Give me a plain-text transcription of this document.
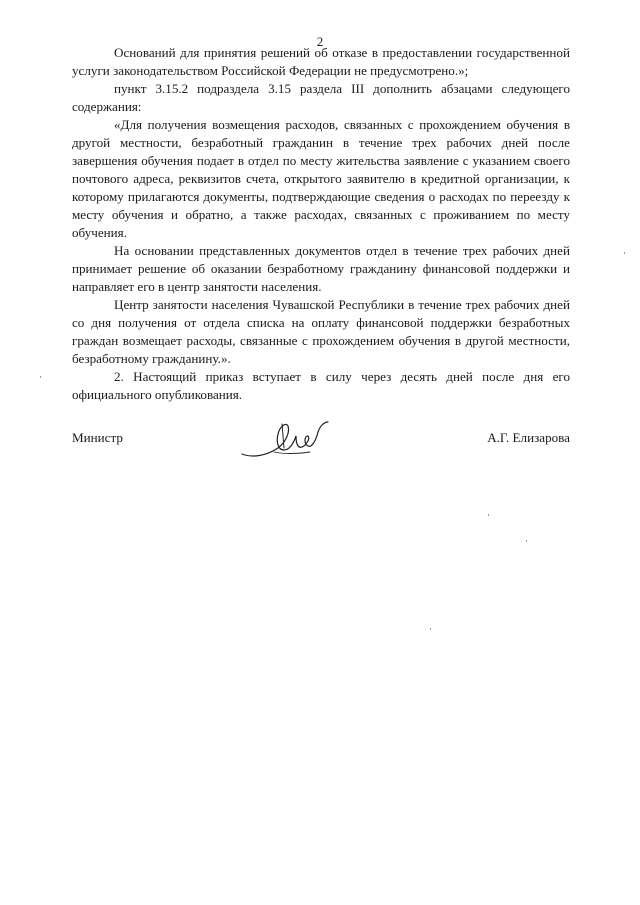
2

Оснований для принятия решений об отказе в предоставлении государственной услуги законодательством Российской Федерации не предусмотрено.»;

пункт 3.15.2 подраздела 3.15 раздела III дополнить абзацами следующего содержания:

«Для получения возмещения расходов, связанных с прохождением обучения в другой местности, безработный гражданин в течение трех рабочих дней после завершения обучения подает в отдел по месту жительства заявление с указанием своего почтового адреса, реквизитов счета, открытого заявителю в кредитной организации, к которому прилагаются документы, подтверждающие сведения о расходах по переезду к месту обучения и обратно, а также расходах, связанных с проживанием по месту обучения.

На основании представленных документов отдел в течение трех рабочих дней принимает решение об оказании безработному гражданину финансовой поддержки и направляет его в центр занятости населения.

Центр занятости населения Чувашской Республики в течение трех рабочих дней со дня получения от отдела списка на оплату финансовой поддержки безработных граждан возмещает расходы, связанные с прохождением обучения в другой местности, безработному гражданину.».

2. Настоящий приказ вступает в силу через десять дней после дня его официального опубликования.

Министр	А.Г. Елизарова
